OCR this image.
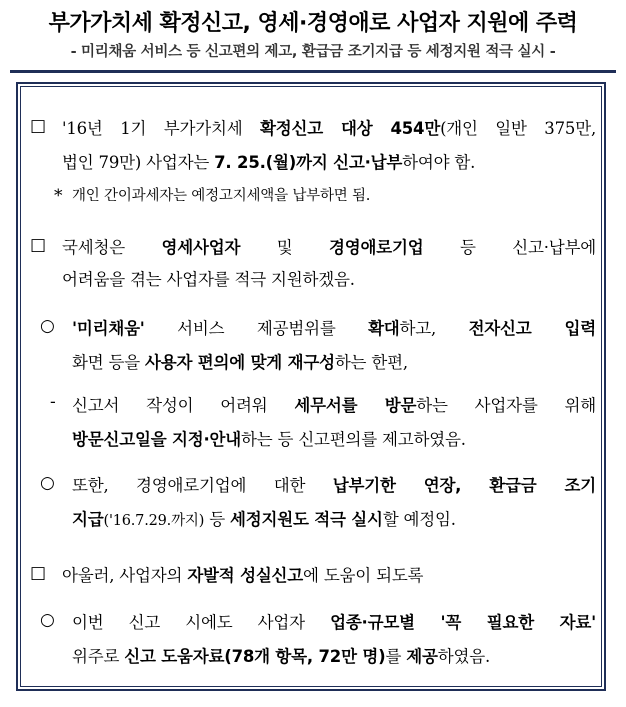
부가가치세 확정신고, 영세·경영애로 사업자 지원에 주력
- 미리채움 서비스 등 신고편의 제고, 환급금 조기지급 등 세정지원 적극 실시 -
□ '16년 1기 부가가치세 확정신고 대상 454만(개인 일반 375만,
법인 79만) 사업자는 7. 25.(월)까지 신고·납부하여야 함.
* 개인 간이과세자는 예정고지세액을 납부하면 됨.
□ 국세청은 영세사업자 및 경영애로기업 등 신고·납부에
어려움을 겪는 사업자를 적극 지원하겠음.
○ '미리채움' 서비스 제공범위를 확대하고, 전자신고 입력
화면 등을 사용자 편의에 맞게 재구성하는 한편,
- 신고서 작성이 어려워 세무서를 방문하는 사업자를 위해
방문신고일을 지정·안내하는 등 신고편의를 제고하였음.
○ 또한, 경영애로기업에 대한 납부기한 연장, 환급금 조기
지급('16.7.29.까지) 등 세정지원도 적극 실시할 예정임.
□ 아울러, 사업자의 자발적 성실신고에 도움이 되도록
○ 이번 신고 시에도 사업자 업종·규모별 '꼭 필요한 자료'
위주로 신고 도움자료(78개 항목, 72만 명)를 제공하였음.
